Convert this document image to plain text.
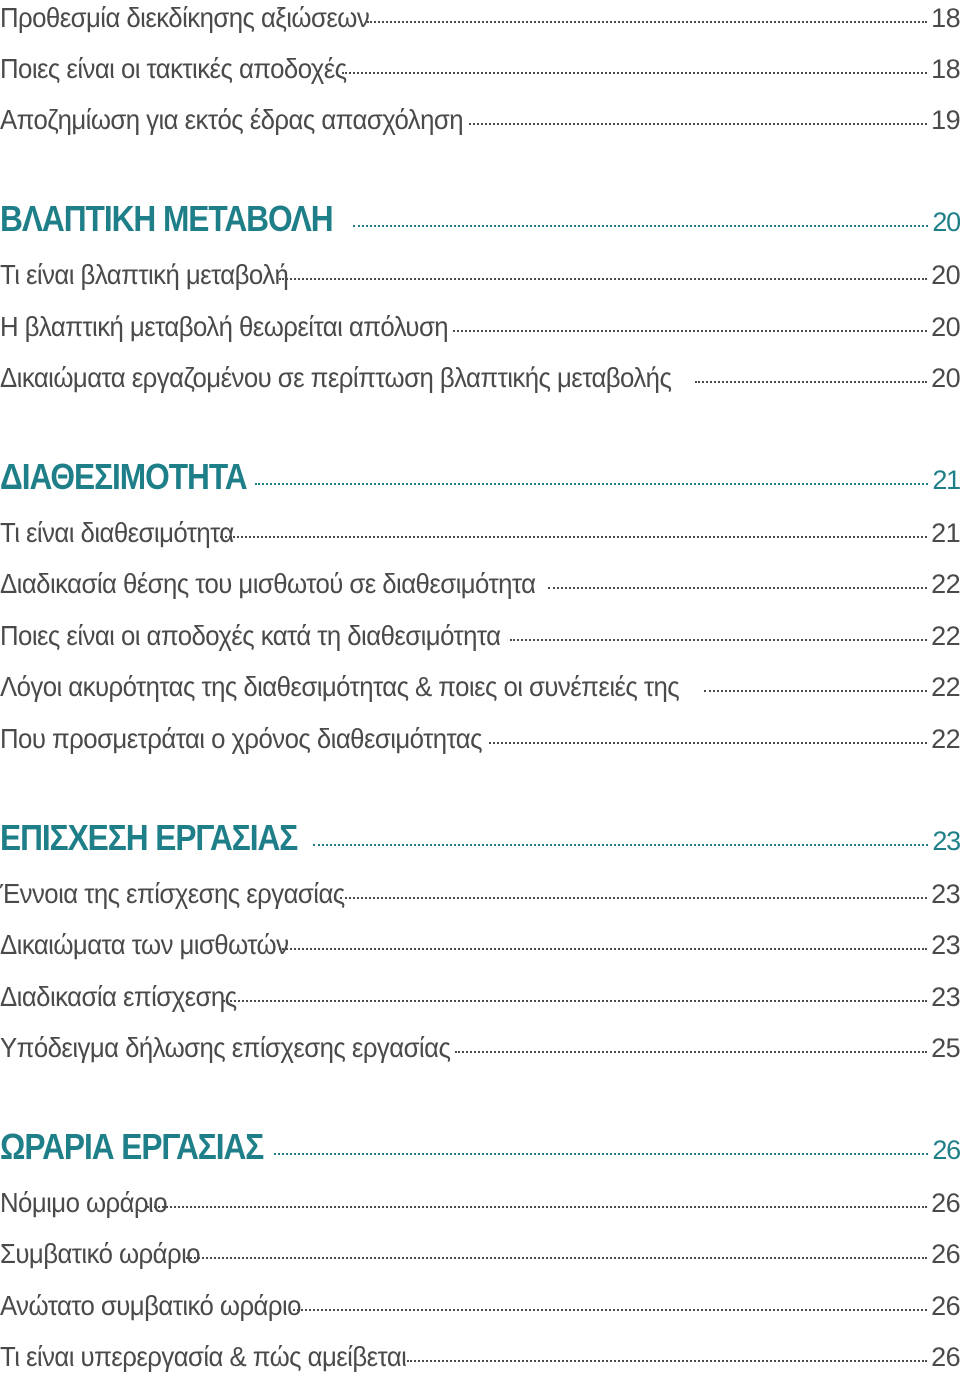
Προθεσμία διεκδίκησης αξιώσεων	18
Ποιες είναι οι τακτικές αποδοχές	18
Αποζημίωση για εκτός έδρας απασχόληση	19
ΒΛΑΠΤΙΚΗ ΜΕΤΑΒΟΛΗ	20
Τι είναι βλαπτική μεταβολή	20
Η βλαπτική μεταβολή θεωρείται απόλυση	20
Δικαιώματα εργαζομένου σε περίπτωση βλαπτικής μεταβολής	20
ΔΙΑΘΕΣΙΜΟΤΗΤΑ	21
Τι είναι διαθεσιμότητα	21
Διαδικασία θέσης του μισθωτού σε διαθεσιμότητα	22
Ποιες είναι οι αποδοχές κατά τη διαθεσιμότητα	22
Λόγοι ακυρότητας της διαθεσιμότητας & ποιες οι συνέπειές της	22
Που προσμετράται ο χρόνος διαθεσιμότητας	22
ΕΠΙΣΧΕΣΗ ΕΡΓΑΣΙΑΣ	23
Έννοια της επίσχεσης εργασίας	23
Δικαιώματα των μισθωτών	23
Διαδικασία επίσχεσης	23
Υπόδειγμα δήλωσης επίσχεσης εργασίας	25
ΩΡΑΡΙΑ ΕΡΓΑΣΙΑΣ	26
Νόμιμο ωράριο	26
Συμβατικό ωράριο	26
Ανώτατο συμβατικό ωράριο	26
Τι είναι υπερεργασία & πώς αμείβεται	26
